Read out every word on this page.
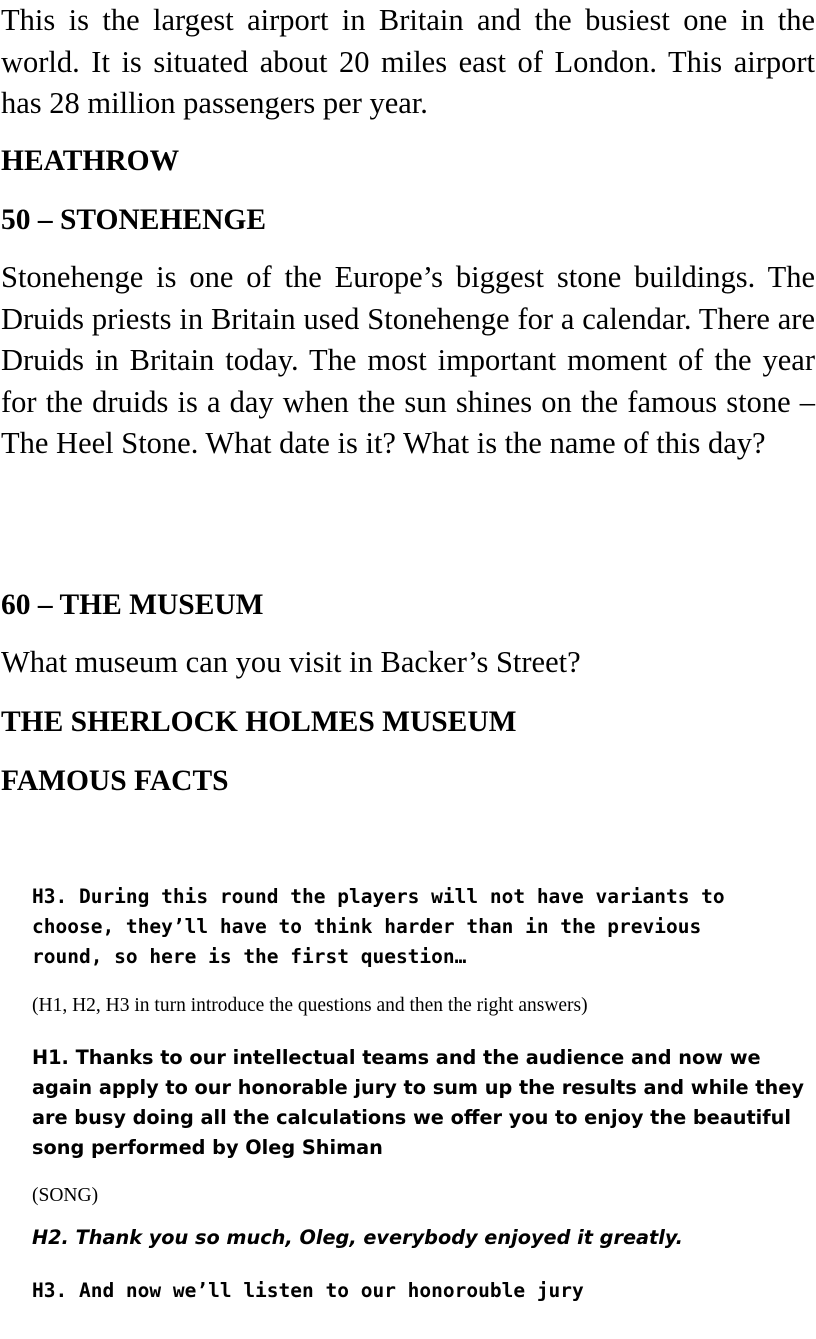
This is the largest airport in Britain and the busiest one in the world. It is situated about 20 miles east of London. This airport has 28 million passengers per year.

HEATHROW

50 – STONEHENGE

Stonehenge is one of the Europe’s biggest stone buildings. The Druids priests in Britain used Stonehenge for a calendar. There are Druids in Britain today. The most important moment of the year for the druids is a day when the sun shines on the famous stone – The Heel Stone. What date is it? What is the name of this day?

60 – THE MUSEUM

What museum can you visit in Backer’s Street?

THE SHERLOCK HOLMES MUSEUM

FAMOUS FACTS

H3. During this round the players will not have variants to choose, they’ll have to think harder than in the previous round, so here is the first question…

(H1, H2, H3 in turn introduce the questions and then the right answers)

H1. Thanks to our intellectual teams and the audience and now we again apply to our honorable jury to sum up the results and while they are busy doing all the calculations we offer you to enjoy the beautiful song performed by Oleg Shiman

(SONG)

H2. Thank you so much, Oleg, everybody enjoyed it greatly.

H3. And now we’ll listen to our honorouble jury
